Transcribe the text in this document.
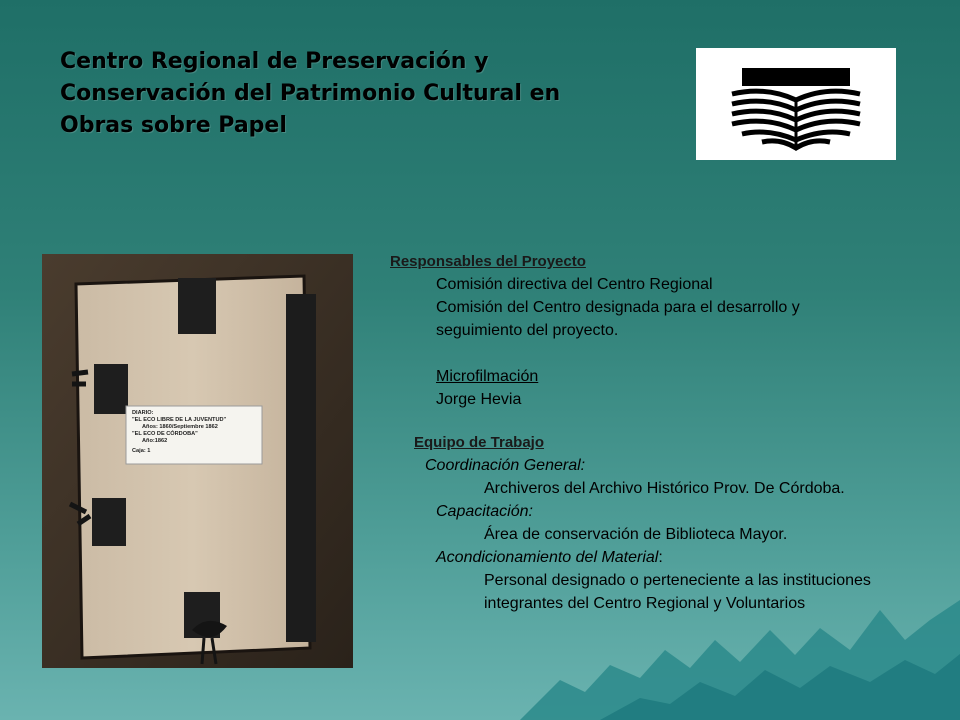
Centro Regional de Preservación y
Conservación del Patrimonio Cultural en
Obras sobre Papel
DIARIO:
"EL ECO LIBRE DE LA JUVENTUD"
Años: 1860/Septiembre 1862
"EL ECO DE CÓRDOBA"
Año:1862
Caja: 1
Responsables del Proyecto
Comisión directiva del Centro Regional
Comisión del Centro designada para el desarrollo y
seguimiento del proyecto.
Microfilmación
Jorge Hevia
Equipo de Trabajo
Coordinación General:
Archiveros del Archivo Histórico Prov. De Córdoba.
Capacitación:
Área de conservación de Biblioteca Mayor.
Acondicionamiento del Material:
Personal designado o perteneciente a las instituciones
integrantes del Centro Regional y Voluntarios
